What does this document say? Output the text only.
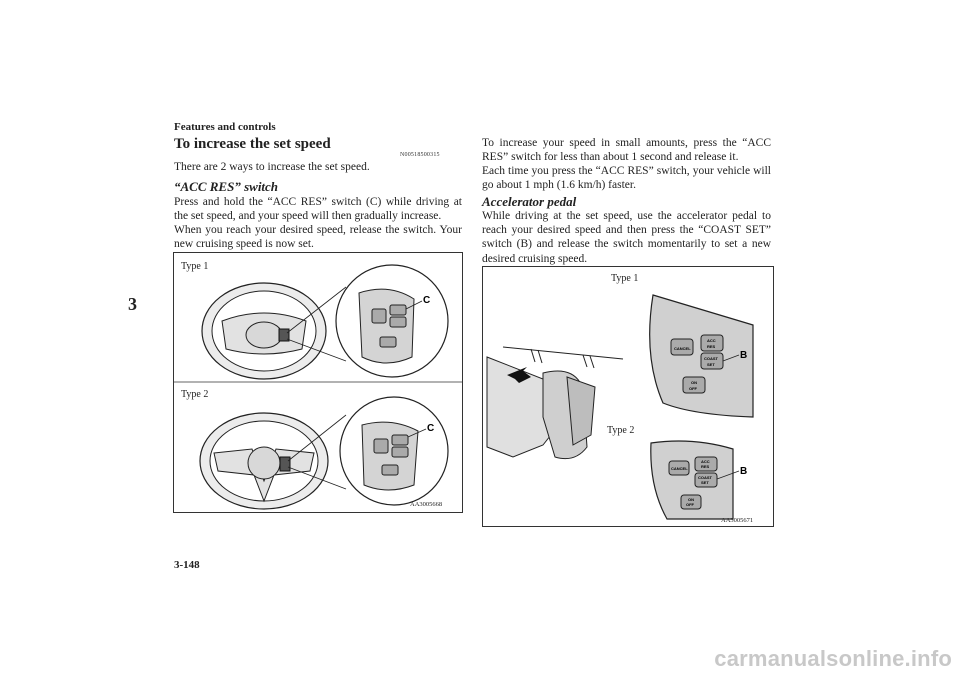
Features and controls
3
3-148
To increase the set speed
N00518500315
There are 2 ways to increase the set speed.
“ACC RES” switch
Press and hold the “ACC RES” switch (C) while driving at the set speed, and your speed will then gradually increase.
When you reach your desired speed, release the switch. Your new cruising speed is now set.
C
C
Type 1
Type 2
AA3005668
To increase your speed in small amounts, press the “ACC RES” switch for less than about 1 second and release it.
Each time you press the “ACC RES” switch, your vehicle will go about 1 mph (1.6 km/h) faster.
Accelerator pedal
While driving at the set speed, use the accelerator pedal to reach your desired speed and then press the “COAST SET” switch (B) and release the switch momentarily to set a new desired cruising speed.
CANCEL
ACC
RES
COAST
SET
ON
OFF
B
CANCEL
ACC
RES
COAST
SET
ON
OFF
B
Type 1
Type 2
AA3005671
carmanualsonline.info
